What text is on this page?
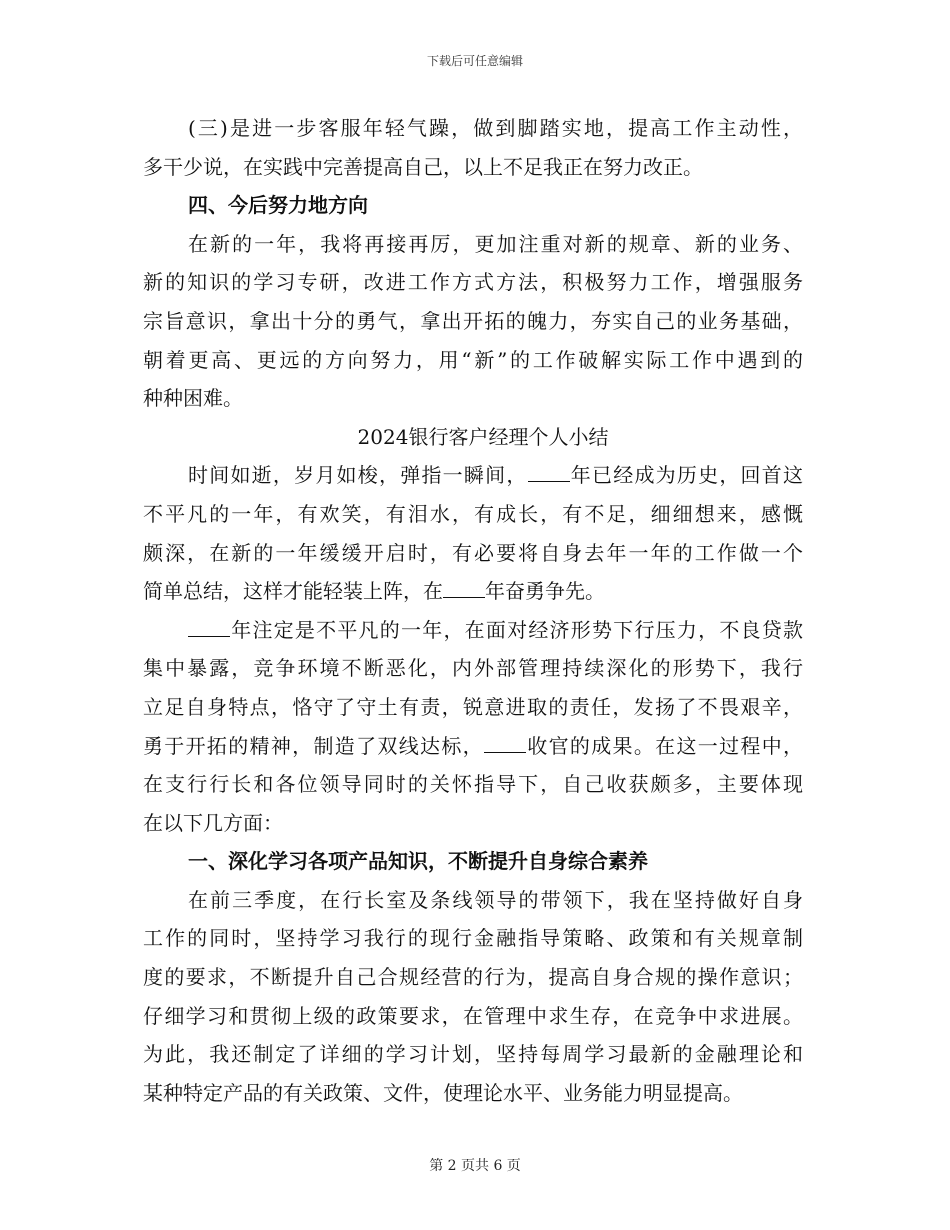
下载后可任意编辑
(三)是进一步客服年轻气躁，做到脚踏实地，提高工作主动性，
多干少说，在实践中完善提高自己，以上不足我正在努力改正。
四、今后努力地方向
在新的一年，我将再接再厉，更加注重对新的规章、新的业务、
新的知识的学习专研，改进工作方式方法，积极努力工作，增强服务
宗旨意识，拿出十分的勇气，拿出开拓的魄力，夯实自己的业务基础，
朝着更高、更远的方向努力，用“新”的工作破解实际工作中遇到的
种种困难。
2024银行客户经理个人小结
时间如逝，岁月如梭，弹指一瞬间， 年已经成为历史，回首这
不平凡的一年，有欢笑，有泪水，有成长，有不足，细细想来，感慨
颇深，在新的一年缓缓开启时，有必要将自身去年一年的工作做一个
简单总结，这样才能轻装上阵，在 年奋勇争先。
年注定是不平凡的一年，在面对经济形势下行压力，不良贷款
集中暴露，竞争环境不断恶化，内外部管理持续深化的形势下，我行
立足自身特点，恪守了守土有责，锐意进取的责任，发扬了不畏艰辛，
勇于开拓的精神，制造了双线达标， 收官的成果。在这一过程中，
在支行行长和各位领导同时的关怀指导下，自己收获颇多，主要体现
在以下几方面：
一、深化学习各项产品知识，不断提升自身综合素养
在前三季度，在行长室及条线领导的带领下，我在坚持做好自身
工作的同时，坚持学习我行的现行金融指导策略、政策和有关规章制
度的要求，不断提升自己合规经营的行为，提高自身合规的操作意识；
仔细学习和贯彻上级的政策要求，在管理中求生存，在竞争中求进展。
为此，我还制定了详细的学习计划，坚持每周学习最新的金融理论和
某种特定产品的有关政策、文件，使理论水平、业务能力明显提高。
第 2 页共 6 页
